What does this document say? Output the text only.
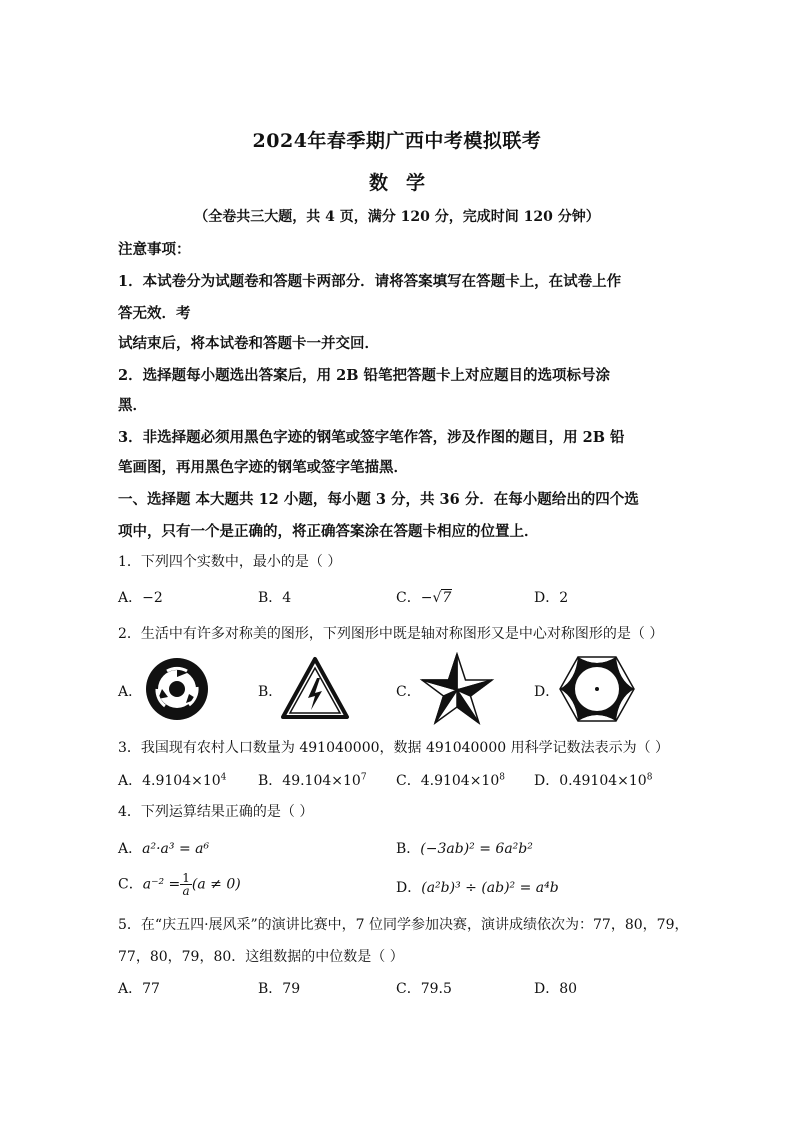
2024年春季期广西中考模拟联考
数学
（全卷共三大题，共 4 页，满分 120 分，完成时间 120 分钟）
注意事项：
1．本试卷分为试题卷和答题卡两部分．请将答案填写在答题卡上，在试卷上作
答无效．考
试结束后，将本试卷和答题卡一并交回．
2．选择题每小题选出答案后，用 2B 铅笔把答题卡上对应题目的选项标号涂
黑．
3．非选择题必须用黑色字迹的钢笔或签字笔作答，涉及作图的题目，用 2B 铅
笔画图，再用黑色字迹的钢笔或签字笔描黑．
一、选择题 本大题共 12 小题，每小题 3 分，共 36 分．在每小题给出的四个选
项中，只有一个是正确的，将正确答案涂在答题卡相应的位置上．
1．下列四个实数中，最小的是（ ）
A．−2	B．4	C．−√7	D．2
2．生活中有许多对称美的图形，下列图形中既是轴对称图形又是中心对称图形的是（ ）
A．	B．	C．	D．
3．我国现有农村人口数量为 491040000，数据 491040000 用科学记数法表示为（ ）
A．$4.9104\times 10^4$ B．$49.104\times 10^7$ C．$4.9104\times 10^8$ D．$0.49104\times 10^8$
4．下列运算结果正确的是（ ）
A．a²·a³ = a⁶	B．(−3ab)² = 6a²b²
C．$a^{-2} = \frac{1}{a} (a \ne 0)$	D．(a²b)³ ÷ (ab)² = a⁴b
5．在“庆五四·展风采”的演讲比赛中，7 位同学参加决赛，演讲成绩依次为：77，80，79，
77，80，79，80．这组数据的中位数是（ ）
A．77	B．79	C．79.5	D．80
